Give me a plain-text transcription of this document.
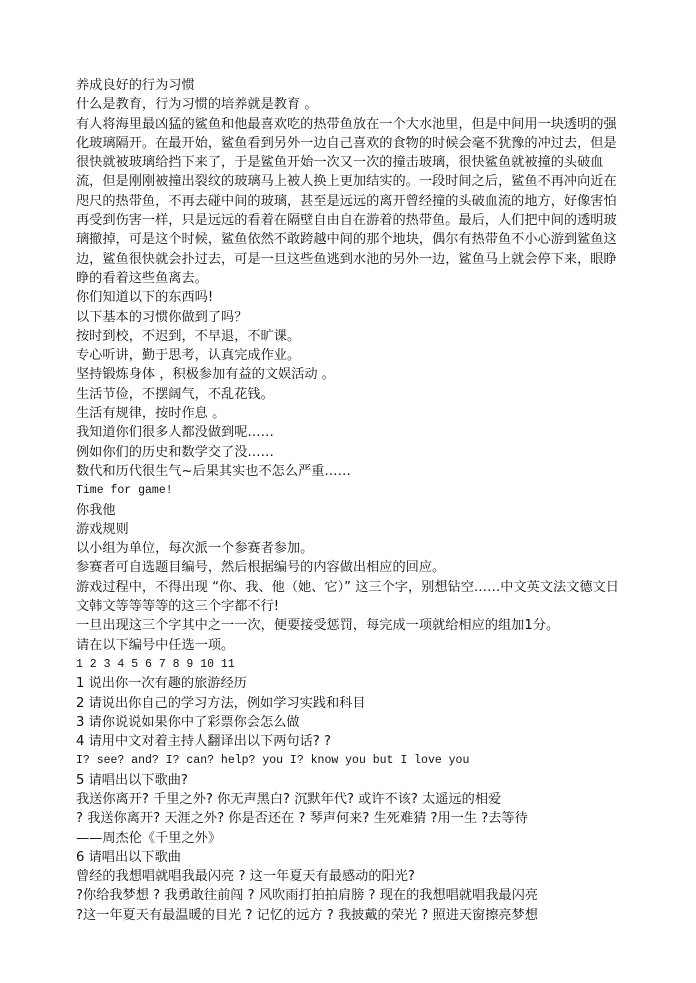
养成良好的行为习惯

什么是教育，行为习惯的培养就是教育 。

有人将海里最凶猛的鲨鱼和他最喜欢吃的热带鱼放在一个大水池里，但是中间用一块透明的强化玻璃隔开。在最开始，鲨鱼看到另外一边自己喜欢的食物的时候会毫不犹豫的冲过去，但是很快就被玻璃给挡下来了，于是鲨鱼开始一次又一次的撞击玻璃，很快鲨鱼就被撞的头破血流，但是刚刚被撞出裂纹的玻璃马上被人换上更加结实的。一段时间之后，鲨鱼不再冲向近在咫尺的热带鱼，不再去碰中间的玻璃，甚至是远远的离开曾经撞的头破血流的地方，好像害怕再受到伤害一样，只是远远的看着在隔壁自由自在游着的热带鱼。最后，人们把中间的透明玻璃撤掉，可是这个时候，鲨鱼依然不敢跨越中间的那个地块，偶尔有热带鱼不小心游到鲨鱼这边，鲨鱼很快就会扑过去，可是一旦这些鱼逃到水池的另外一边，鲨鱼马上就会停下来，眼睁睁的看着这些鱼离去。

你们知道以下的东西吗!

以下基本的习惯你做到了吗？

按时到校，不迟到，不早退，不旷课。

专心听讲，勤于思考，认真完成作业。

坚持锻炼身体 ，积极参加有益的文娱活动 。

生活节俭，不摆阔气，不乱花钱。

生活有规律，按时作息 。

我知道你们很多人都没做到呢……

例如你们的历史和数学交了没……

数代和历代很生气~后果其实也不怎么严重……

Time for game!

你我他

游戏规则

以小组为单位，每次派一个参赛者参加。

参赛者可自选题目编号，然后根据编号的内容做出相应的回应。

游戏过程中，不得出现 “你、我、他（她、它）” 这三个字，别想钻空……中文英文法文德文日文韩文等等等等的这三个字都不行!

一旦出现这三个字其中之一一次，便要接受惩罚，每完成一项就给相应的组加1分。

请在以下编号中任选一项。

1 2 3 4 5 6 7 8 9 10 11

1 说出你一次有趣的旅游经历

2 请说出你自己的学习方法，例如学习实践和科目

3 请你说说如果你中了彩票你会怎么做

4 请用中文对着主持人翻译出以下两句话? ?

I? see? and? I? can? help? you I? know you but I love you

5 请唱出以下歌曲?

我送你离开? 千里之外? 你无声黑白? 沉默年代? 或许不该? 太遥远的相爱

? 我送你离开? 天涯之外? 你是否还在 ? 琴声何来? 生死难猜 ?用一生 ?去等待

——周杰伦《千里之外》

6 请唱出以下歌曲

曾经的我想唱就唱我最闪亮 ? 这一年夏天有最感动的阳光?

?你给我梦想 ? 我勇敢往前闯 ? 风吹雨打拍拍肩膀 ? 现在的我想唱就唱我最闪亮

?这一年夏天有最温暖的目光 ? 记忆的远方 ? 我披戴的荣光 ? 照进天窗擦亮梦想
